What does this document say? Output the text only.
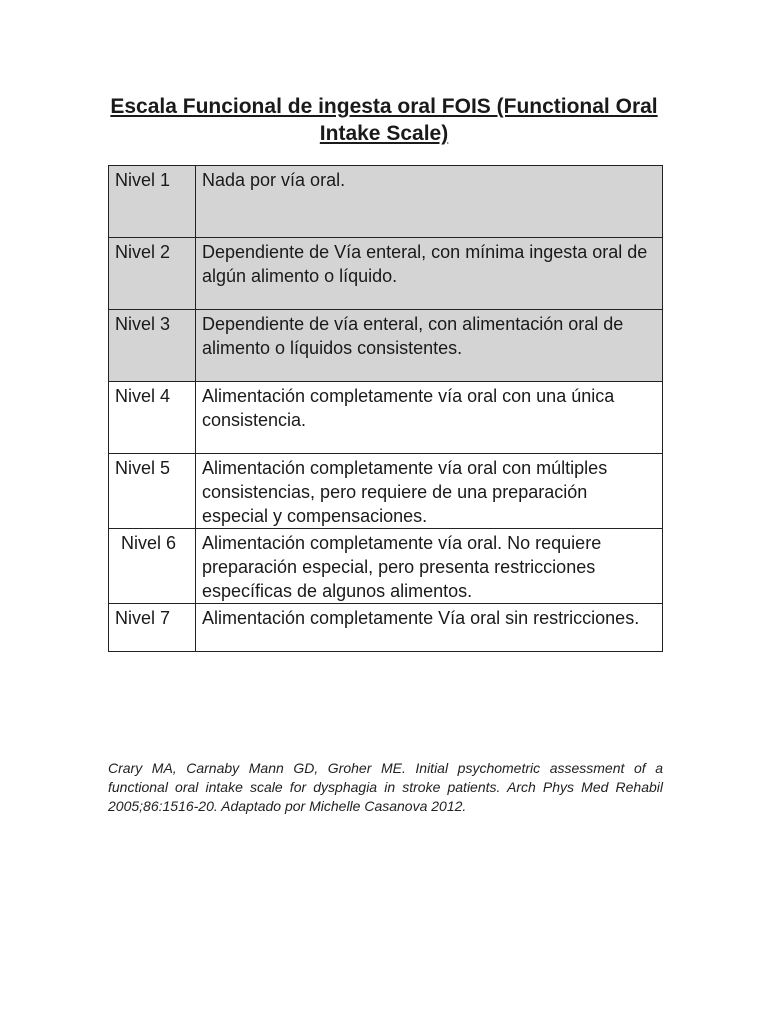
Escala Funcional de ingesta oral FOIS (Functional Oral Intake Scale)
Nivel 1	Nada por vía oral.
Nivel 2	Dependiente de Vía enteral, con mínima ingesta oral de algún alimento o líquido.
Nivel 3	Dependiente de vía enteral, con alimentación oral de alimento o líquidos consistentes.
Nivel 4	Alimentación completamente vía oral con una única consistencia.
Nivel 5	Alimentación completamente vía oral con múltiples consistencias, pero requiere de una preparación especial y compensaciones.
Nivel 6	Alimentación completamente vía oral. No requiere preparación especial, pero presenta restricciones específicas de algunos alimentos.
Nivel 7	Alimentación completamente Vía oral sin restricciones.

Crary MA, Carnaby Mann GD, Groher ME. Initial psychometric assessment of a functional oral intake scale for dysphagia in stroke patients. Arch Phys Med Rehabil 2005;86:1516-20. Adaptado por Michelle Casanova 2012.
